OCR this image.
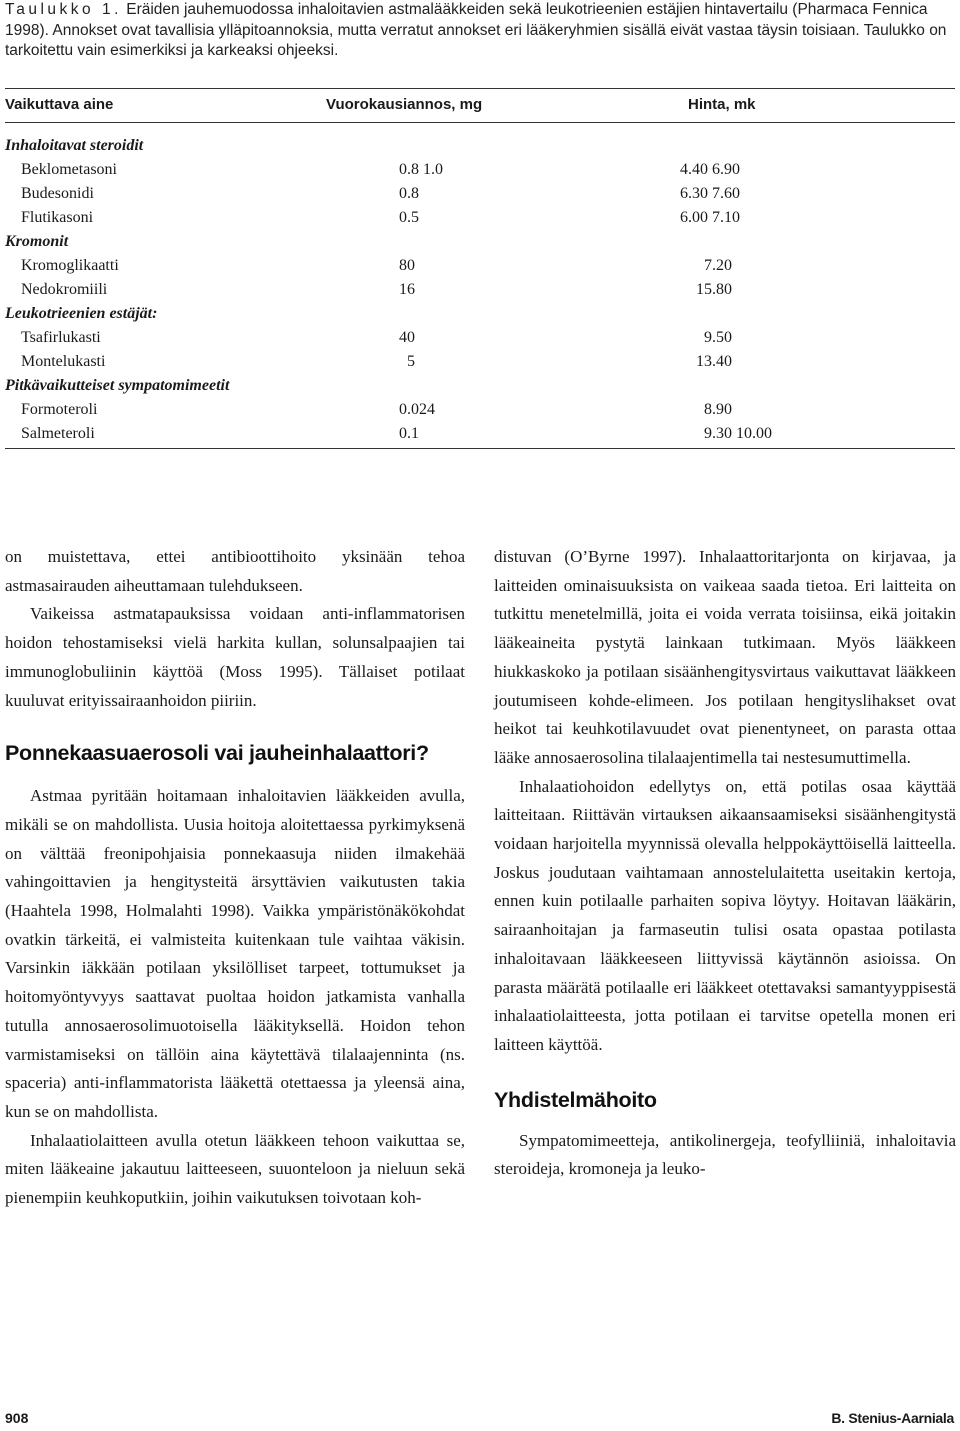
Taulukko 1. Eräiden jauhemuodossa inhaloitavien astmalääkkeiden sekä leukotrieenien estäjien hintavertailu (Pharmaca Fennica 1998). Annokset ovat tavallisia ylläpitoannoksia, mutta verratut annokset eri lääkeryhmien sisällä eivät vastaa täysin toisiaan. Taulukko on tarkoitettu vain esimerkiksi ja karkeaksi ohjeeksi.
Vaikuttava aine	Vuorokausiannos, mg	Hinta, mk
Inhaloitavat steroidit
Beklometasoni	0.8 1.0	4.40 6.90
Budesonidi	0.8	6.30 7.60
Flutikasoni	0.5	6.00 7.10
Kromonit
Kromoglikaatti	80	7.20
Nedokromiili	16	15.80
Leukotrieenien estäjät:
Tsafirlukasti	40	9.50
Montelukasti	5	13.40
Pitkävaikutteiset sympatomimeetit
Formoteroli	0.024	8.90
Salmeteroli	0.1	9.30 10.00

on muistettava, ettei antibioottihoito yksinään tehoa astmasairauden aiheuttamaan tulehdukseen.

Vaikeissa astmatapauksissa voidaan anti-inflammatorisen hoidon tehostamiseksi vielä harkita kullan, solunsalpaajien tai immunoglobuliinin käyttöä (Moss 1995). Tällaiset potilaat kuuluvat erityissairaanhoidon piiriin.

Ponnekaasuaerosoli vai jauheinhalaattori?

Astmaa pyritään hoitamaan inhaloitavien lääkkeiden avulla, mikäli se on mahdollista. Uusia hoitoja aloitettaessa pyrkimyksenä on välttää freonipohjaisia ponnekaasuja niiden ilmakehää vahingoittavien ja hengitysteitä ärsyttävien vaikutusten takia (Haahtela 1998, Holmalahti 1998). Vaikka ympäristönäkökohdat ovatkin tärkeitä, ei valmisteita kuitenkaan tule vaihtaa väkisin. Varsinkin iäkkään potilaan yksilölliset tarpeet, tottumukset ja hoitomyöntyvyys saattavat puoltaa hoidon jatkamista vanhalla tutulla annosaerosolimuotoisella lääkityksellä. Hoidon tehon varmistamiseksi on tällöin aina käytettävä tilalaajenninta (ns. spaceria) anti-inflammatorista lääkettä otettaessa ja yleensä aina, kun se on mahdollista.

Inhalaatiolaitteen avulla otetun lääkkeen tehoon vaikuttaa se, miten lääkeaine jakautuu laitteeseen, suuonteloon ja nieluun sekä pienempiin keuhkoputkiin, joihin vaikutuksen toivotaan koh-

distuvan (O’Byrne 1997). Inhalaattoritarjonta on kirjavaa, ja laitteiden ominaisuuksista on vaikeaa saada tietoa. Eri laitteita on tutkittu menetelmillä, joita ei voida verrata toisiinsa, eikä joitakin lääkeaineita pystytä lainkaan tutkimaan. Myös lääkkeen hiukkaskoko ja potilaan sisäänhengitysvirtaus vaikuttavat lääkkeen joutumiseen kohde-elimeen. Jos potilaan hengityslihakset ovat heikot tai keuhkotilavuudet ovat pienentyneet, on parasta ottaa lääke annosaerosolina tilalaajentimella tai nestesumuttimella.

Inhalaatiohoidon edellytys on, että potilas osaa käyttää laitteitaan. Riittävän virtauksen aikaansaamiseksi sisäänhengitystä voidaan harjoitella myynnissä olevalla helppokäyttöisellä laitteella. Joskus joudutaan vaihtamaan annostelulaitetta useitakin kertoja, ennen kuin potilaalle parhaiten sopiva löytyy. Hoitavan lääkärin, sairaanhoitajan ja farmaseutin tulisi osata opastaa potilasta inhaloitavaan lääkkeeseen liittyvissä käytännön asioissa. On parasta määrätä potilaalle eri lääkkeet otettavaksi samantyyppisestä inhalaatiolaitteesta, jotta potilaan ei tarvitse opetella monen eri laitteen käyttöä.

Yhdistelmähoito

Sympatomimeetteja, antikolinergeja, teofylliiniä, inhaloitavia steroideja, kromoneja ja leuko-

908	B. Stenius-Aarniala
